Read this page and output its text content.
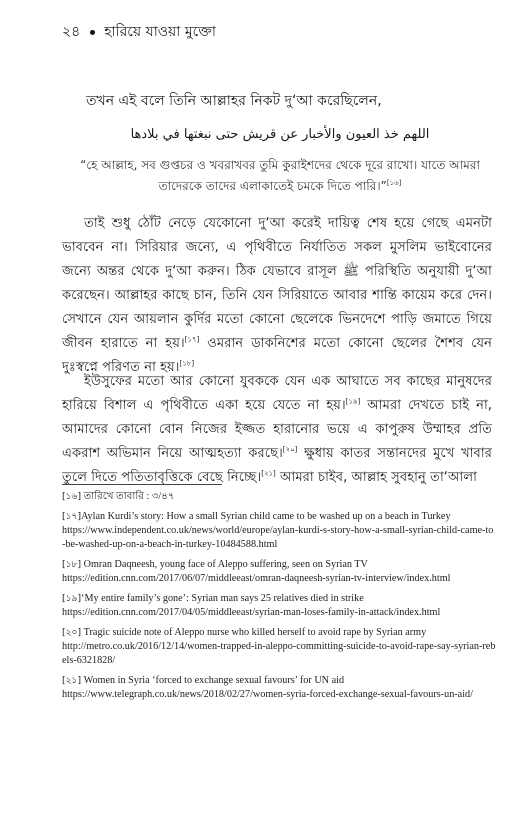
২৪ হারিয়ে যাওয়া মুক্তো
তখন এই বলে তিনি আল্লাহর নিকট দু‘আ করেছিলেন,
اللهم خذ العيون والأخبار عن قريش حتى نبغتها في بلادها
“হে আল্লাহ, সব গুপ্তচর ও খবরাখবর তুমি কুরাইশদের থেকে দূরে রাখো। যাতে আমরা তাদেরকে তাদের এলাকাতেই চমকে দিতে পারি।”[১৬]
তাই শুধু ঠোঁট নেড়ে যেকোনো দু‘আ করেই দায়িত্ব শেষ হয়ে গেছে এমনটা ভাববেন না। সিরিয়ার জন্যে, এ পৃথিবীতে নির্যাতিত সকল মুসলিম ভাইবোনের জন্যে অন্তর থেকে দু‘আ করুন। ঠিক যেভাবে রাসূল ﷺ পরিস্থিতি অনুযায়ী দু‘আ করেছেন। আল্লাহর কাছে চান, তিনি যেন সিরিয়াতে আবার শান্তি কায়েম করে দেন। সেখানে যেন আয়লান কুর্দির মতো কোনো ছেলেকে ভিনদেশে পাড়ি জমাতে গিয়ে জীবন হারাতে না হয়।[১৭] ওমরান ডাকনিশের মতো কোনো ছেলের শৈশব যেন দুঃস্বপ্নে পরিণত না হয়।[১৮]
ইউসুফের মতো আর কোনো যুবককে যেন এক আঘাতে সব কাছের মানুষদের হারিয়ে বিশাল এ পৃথিবীতে একা হয়ে যেতে না হয়।[১৯] আমরা দেখতে চাই না, আমাদের কোনো বোন নিজের ইজ্জত হারানোর ভয়ে এ কাপুরুষ উম্মাহর প্রতি একরাশ অভিমান নিয়ে আত্মহত্যা করছে।[২০] ক্ষুধায় কাতর সন্তানদের মুখে খাবার তুলে দিতে পতিতাবৃত্তিকে বেছে নিচ্ছে।[২১] আমরা চাইব, আল্লাহ সুবহানু তা‘আলা
[১৬] তারিখে তাবারি : ৩/৪৭
[১৭]Aylan Kurdi’s story: How a small Syrian child came to be washed up on a beach in Turkey
https://www.independent.co.uk/news/world/europe/aylan-kurdi-s-story-how-a-small-syrian-child-came-to-be-washed-up-on-a-beach-in-turkey-10484588.html
[১৮] Omran Daqneesh, young face of Aleppo suffering, seen on Syrian TV
https://edition.cnn.com/2017/06/07/middleeast/omran-daqneesh-syrian-tv-interview/index.html
[১৯]‘My entire family’s gone’: Syrian man says 25 relatives died in strike
https://edition.cnn.com/2017/04/05/middleeast/syrian-man-loses-family-in-attack/index.html
[২০] Tragic suicide note of Aleppo nurse who killed herself to avoid rape by Syrian army
http://metro.co.uk/2016/12/14/women-trapped-in-aleppo-committing-suicide-to-avoid-rape-say-syrian-rebels-6321828/
[২১] Women in Syria ‘forced to exchange sexual favours’ for UN aid
https://www.telegraph.co.uk/news/2018/02/27/women-syria-forced-exchange-sexual-favours-un-aid/
